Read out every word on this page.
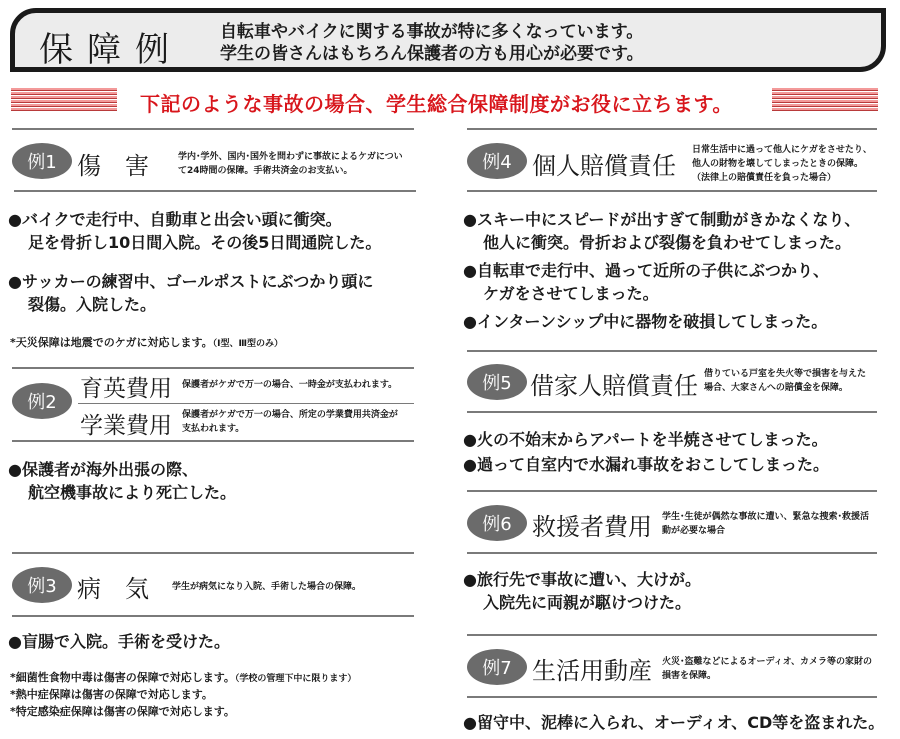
保障例 自転車やバイクに関する事故が特に多くなっています。
学生の皆さんはもちろん保護者の方も用心が必要です。
下記のような事故の場合、学生総合保障制度がお役に立ちます。
例1 傷　害	学内･学外、国内･国外を問わずに事故によるケガについ
て24時間の保障。手術共済金のお支払い。
●バイクで走行中、自動車と出会い頭に衝突。
足を骨折し10日間入院。その後5日間通院した。
●サッカーの練習中、ゴールポストにぶつかり頭に
裂傷。入院した。
*天災保障は地震でのケガに対応します。（Ⅰ型、Ⅲ型のみ）
例2
育英費用 保護者がケガで万一の場合、一時金が支払われます。
学業費用 保護者がケガで万一の場合、所定の学業費用共済金が
支払われます。
●保護者が海外出張の際、
航空機事故により死亡した。
例3 病　気	学生が病気になり入院、手術した場合の保障。
●盲腸で入院。手術を受けた。
*細菌性食物中毒は傷害の保障で対応します。（学校の管理下中に限ります）
*熱中症保障は傷害の保障で対応します。
*特定感染症保障は傷害の保障で対応します。
例4 個人賠償責任
日常生活中に過って他人にケガをさせたり、
他人の財物を壊してしまったときの保障。
（法律上の賠償責任を負った場合）
●スキー中にスピードが出すぎて制動がきかなくなり、
他人に衝突。骨折および裂傷を負わせてしまった。
●自転車で走行中、過って近所の子供にぶつかり、
ケガをさせてしまった。
●インターンシップ中に器物を破損してしまった。
例5 借家人賠償責任 借りている戸室を失火等で損害を与えた
場合、大家さんへの賠償金を保障。
●火の不始末からアパートを半焼させてしまった。
●過って自室内で水漏れ事故をおこしてしまった。
例6 救援者費用 学生･生徒が偶然な事故に遭い、緊急な捜索･救援活
動が必要な場合
●旅行先で事故に遭い、大けが。
入院先に両親が駆けつけた。
例7 生活用動産 火災･盗難などによるオーディオ、カメラ等の家財の
損害を保障。
●留守中、泥棒に入られ、オーディオ、CD等を盗まれた。
